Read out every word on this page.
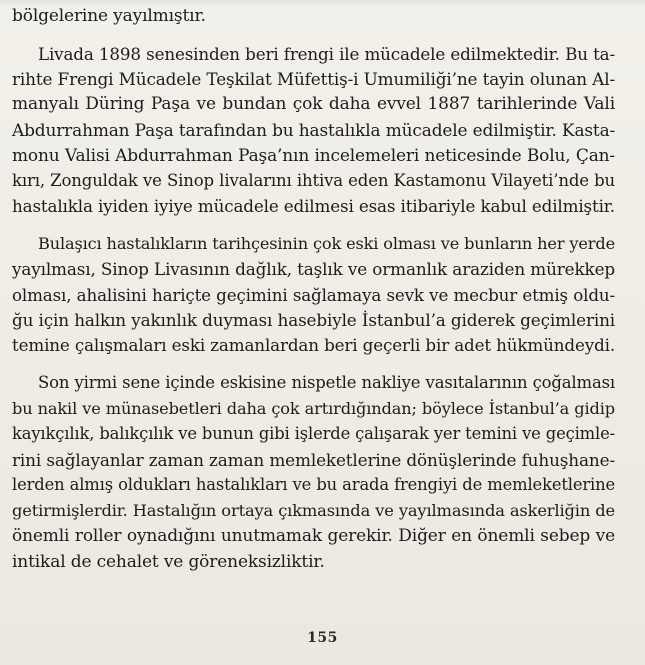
bölgelerine yayılmıştır.
Livada 1898 senesinden beri frengi ile mücadele edilmektedir. Bu ta-
rihte Frengi Mücadele Teşkilat Müfettiş-i Umumiliği’ne tayin olunan Al-
manyalı Düring Paşa ve bundan çok daha evvel 1887 tarihlerinde Vali
Abdurrahman Paşa tarafından bu hastalıkla mücadele edilmiştir. Kasta-
monu Valisi Abdurrahman Paşa’nın incelemeleri neticesinde Bolu, Çan-
kırı, Zonguldak ve Sinop livalarını ihtiva eden Kastamonu Vilayeti’nde bu
hastalıkla iyiden iyiye mücadele edilmesi esas itibariyle kabul edilmiştir.
Bulaşıcı hastalıkların tarihçesinin çok eski olması ve bunların her yerde
yayılması, Sinop Livasının dağlık, taşlık ve ormanlık araziden mürekkep
olması, ahalisini hariçte geçimini sağlamaya sevk ve mecbur etmiş oldu-
ğu için halkın yakınlık duyması hasebiyle İstanbul’a giderek geçimlerini
temine çalışmaları eski zamanlardan beri geçerli bir adet hükmündeydi.
Son yirmi sene içinde eskisine nispetle nakliye vasıtalarının çoğalması
bu nakil ve münasebetleri daha çok artırdığından; böylece İstanbul’a gidip
kayıkçılık, balıkçılık ve bunun gibi işlerde çalışarak yer temini ve geçimle-
rini sağlayanlar zaman zaman memleketlerine dönüşlerinde fuhuşhane-
lerden almış oldukları hastalıkları ve bu arada frengiyi de memleketlerine
getirmişlerdir. Hastalığın ortaya çıkmasında ve yayılmasında askerliğin de
önemli roller oynadığını unutmamak gerekir. Diğer en önemli sebep ve
intikal de cehalet ve göreneksizliktir.
155
